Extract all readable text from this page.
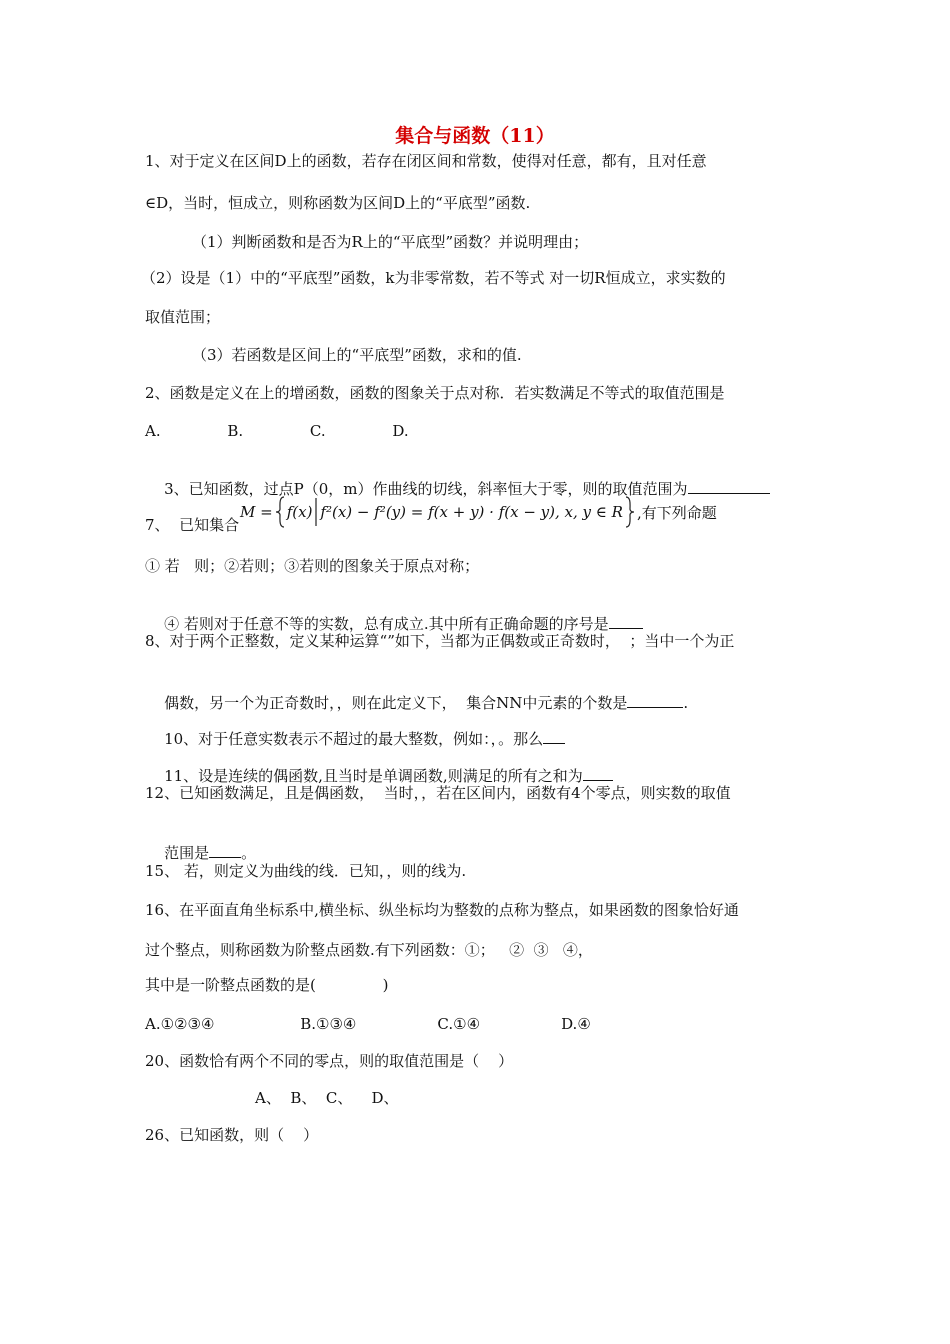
集合与函数（11）
1、对于定义在区间D上的函数，若存在闭区间和常数，使得对任意，都有，且对任意
∈D，当时，恒成立，则称函数为区间D上的“平底型”函数.
（1）判断函数和是否为R上的“平底型”函数？并说明理由；
（2）设是（1）中的“平底型”函数，k为非零常数，若不等式 对一切R恒成立，求实数的
取值范围；
（3）若函数是区间上的“平底型”函数，求和的值.
2、函数是定义在上的增函数，函数的图象关于点对称．若实数满足不等式的取值范围是
A.              B.              C.              D.

3、已知函数，过点P（0，m）作曲线的切线，斜率恒大于零，则的取值范围为

7、  已知集合
M = f(x) f²(x) − f²(y) = f(x + y) · f(x − y), x, y ∈ R ,有下列命题
① 若   则；②若则；③若则的图象关于原点对称；

④ 若则对于任意不等的实数，总有成立.其中所有正确命题的序号是

8、对于两个正整数，定义某种运算“”如下，当都为正偶数或正奇数时，  ；当中一个为正

偶数，另一个为正奇数时，，则在此定义下，  集合NN中元素的个数是	.

10、对于任意实数表示不超过的最大整数，例如：，。那么

11、设是连续的偶函数,且当时是单调函数,则满足的所有之和为

12、已知函数满足，且是偶函数，  当时，，若在区间内，函数有4个零点，则实数的取值

范围是 。

15、 若，则定义为曲线的线．已知，，则的线为.
16、在平面直角坐标系中,横坐标、纵坐标均为整数的点称为整点，如果函数的图象恰好通
过个整点，则称函数为阶整点函数.有下列函数：①；   ②  ③   ④，
其中是一阶整点函数的是(              )
A.①②③④                  B.①③④                 C.①④                 D.④
20、函数恰有两个不同的零点，则的取值范围是（    ）
A、  B、  C、    D、
26、已知函数，则（    ）
